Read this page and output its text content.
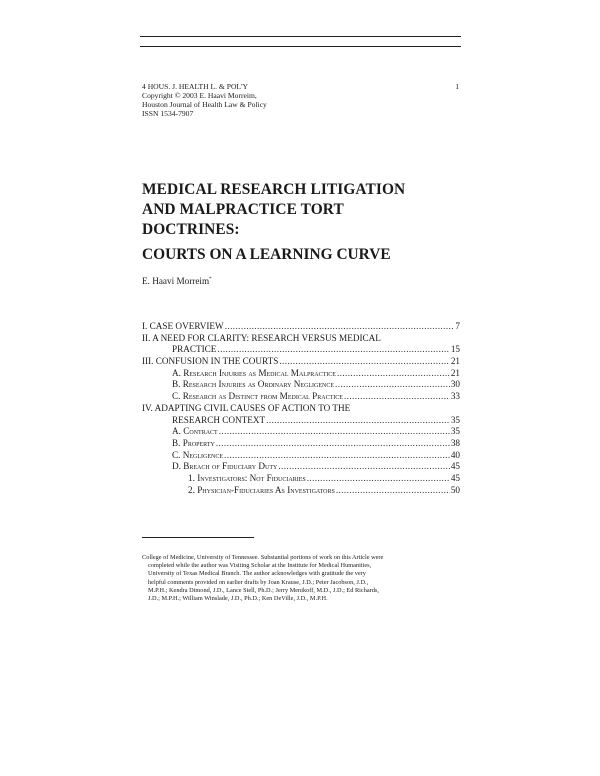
4 HOUS. J. HEALTH L. & POL'Y
Copyright © 2003 E. Haavi Morreim,
Houston Journal of Health Law & Policy
ISSN 1534-7907
1
MEDICAL RESEARCH LITIGATION
AND MALPRACTICE TORT
DOCTRINES:
COURTS ON A LEARNING CURVE
E. Haavi Morreim*
I. CASE OVERVIEW .....	7
II. A NEED FOR CLARITY: RESEARCH VERSUS MEDICAL
PRACTICE .....	15
III. CONFUSION IN THE COURTS .....	21
A. Research Injuries as Medical Malpractice .....	21
B. Research Injuries as Ordinary Negligence .....	30
C. Research as Distinct from Medical Practice .....	33
IV. ADAPTING CIVIL CAUSES OF ACTION TO THE
RESEARCH CONTEXT .....	35
A. Contract .....	35
B. Property .....	38
C. Negligence .....	40
D. Breach of Fiduciary Duty .....	45
1. Investigators: Not Fiduciaries .....	45
2. Physician-Fiduciaries As Investigators .....	50
College of Medicine, University of Tennessee. Substantial portions of work on this Article were
completed while the author was Visiting Scholar at the Institute for Medical Humanities,
University of Texas Medical Branch. The author acknowledges with gratitude the very
helpful comments provided on earlier drafts by Joan Krause, J.D.; Peter Jacobson, J.D.,
M.P.H.; Kendra Dimond, J.D., Lance Stell, Ph.D.; Jerry Menikoff, M.D., J.D.; Ed Richards,
J.D.; M.P.H.; William Winslade, J.D., Ph.D.; Ken DeVille, J.D., M.P.H.
